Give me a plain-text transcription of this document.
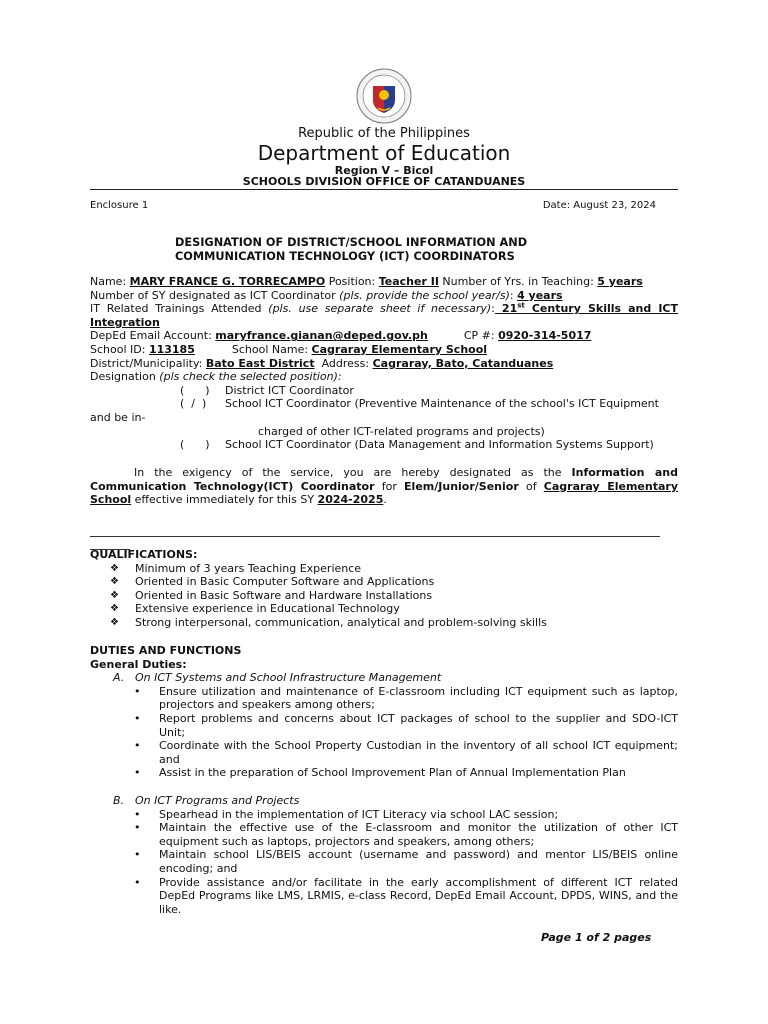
Republic of the Philippines
Department of Education
Region V – Bicol
SCHOOLS DIVISION OFFICE OF CATANDUANES
Enclosure 1	Date: August 23, 2024
DESIGNATION OF DISTRICT/SCHOOL INFORMATION AND
COMMUNICATION TECHNOLOGY (ICT) COORDINATORS
Name: MARY FRANCE G. TORRECAMPO Position: Teacher II Number of Yrs. in Teaching: 5 years
Number of SY designated as ICT Coordinator (pls. provide the school year/s): 4 years
IT Related Trainings Attended (pls. use separate sheet if necessary): 21st Century Skills and ICT
Integration
DepEd Email Account: maryfrance.gianan@deped.gov.ph	CP #: 0920-314-5017
School ID: 113185	School Name: Cagraray Elementary School
District/Municipality: Bato East District  Address: Cagraray, Bato, Catanduanes
Designation (pls check the selected position):
(      ) District ICT Coordinator
(  /  ) School ICT Coordinator (Preventive Maintenance of the school's ICT Equipment
and be in-
charged of other ICT-related programs and projects)
(      ) School ICT Coordinator (Data Management and Information Systems Support)
In the exigency of the service, you are hereby designated as the Information and Communication Technology(ICT) Coordinator for Elem/Junior/Senior of Cagraray Elementary School effective immediately for this SY 2024-2025.
QUALIFICATIONS:
❖ Minimum of 3 years Teaching Experience
❖ Oriented in Basic Computer Software and Applications
❖ Oriented in Basic Software and Hardware Installations
❖ Extensive experience in Educational Technology
❖ Strong interpersonal, communication, analytical and problem-solving skills
DUTIES AND FUNCTIONS
General Duties:
A. On ICT Systems and School Infrastructure Management
• Ensure utilization and maintenance of E-classroom including ICT equipment such as laptop, projectors and speakers among others;
• Report problems and concerns about ICT packages of school to the supplier and SDO-ICT Unit;
• Coordinate with the School Property Custodian in the inventory of all school ICT equipment; and
• Assist in the preparation of School Improvement Plan of Annual Implementation Plan
B. On ICT Programs and Projects
• Spearhead in the implementation of ICT Literacy via school LAC session;
• Maintain the effective use of the E-classroom and monitor the utilization of other ICT equipment such as laptops, projectors and speakers, among others;
• Maintain school LIS/BEIS account (username and password) and mentor LIS/BEIS online encoding; and
• Provide assistance and/or facilitate in the early accomplishment of different ICT related DepEd Programs like LMS, LRMIS, e-class Record, DepEd Email Account, DPDS, WINS, and the like.
Page 1 of 2 pages
